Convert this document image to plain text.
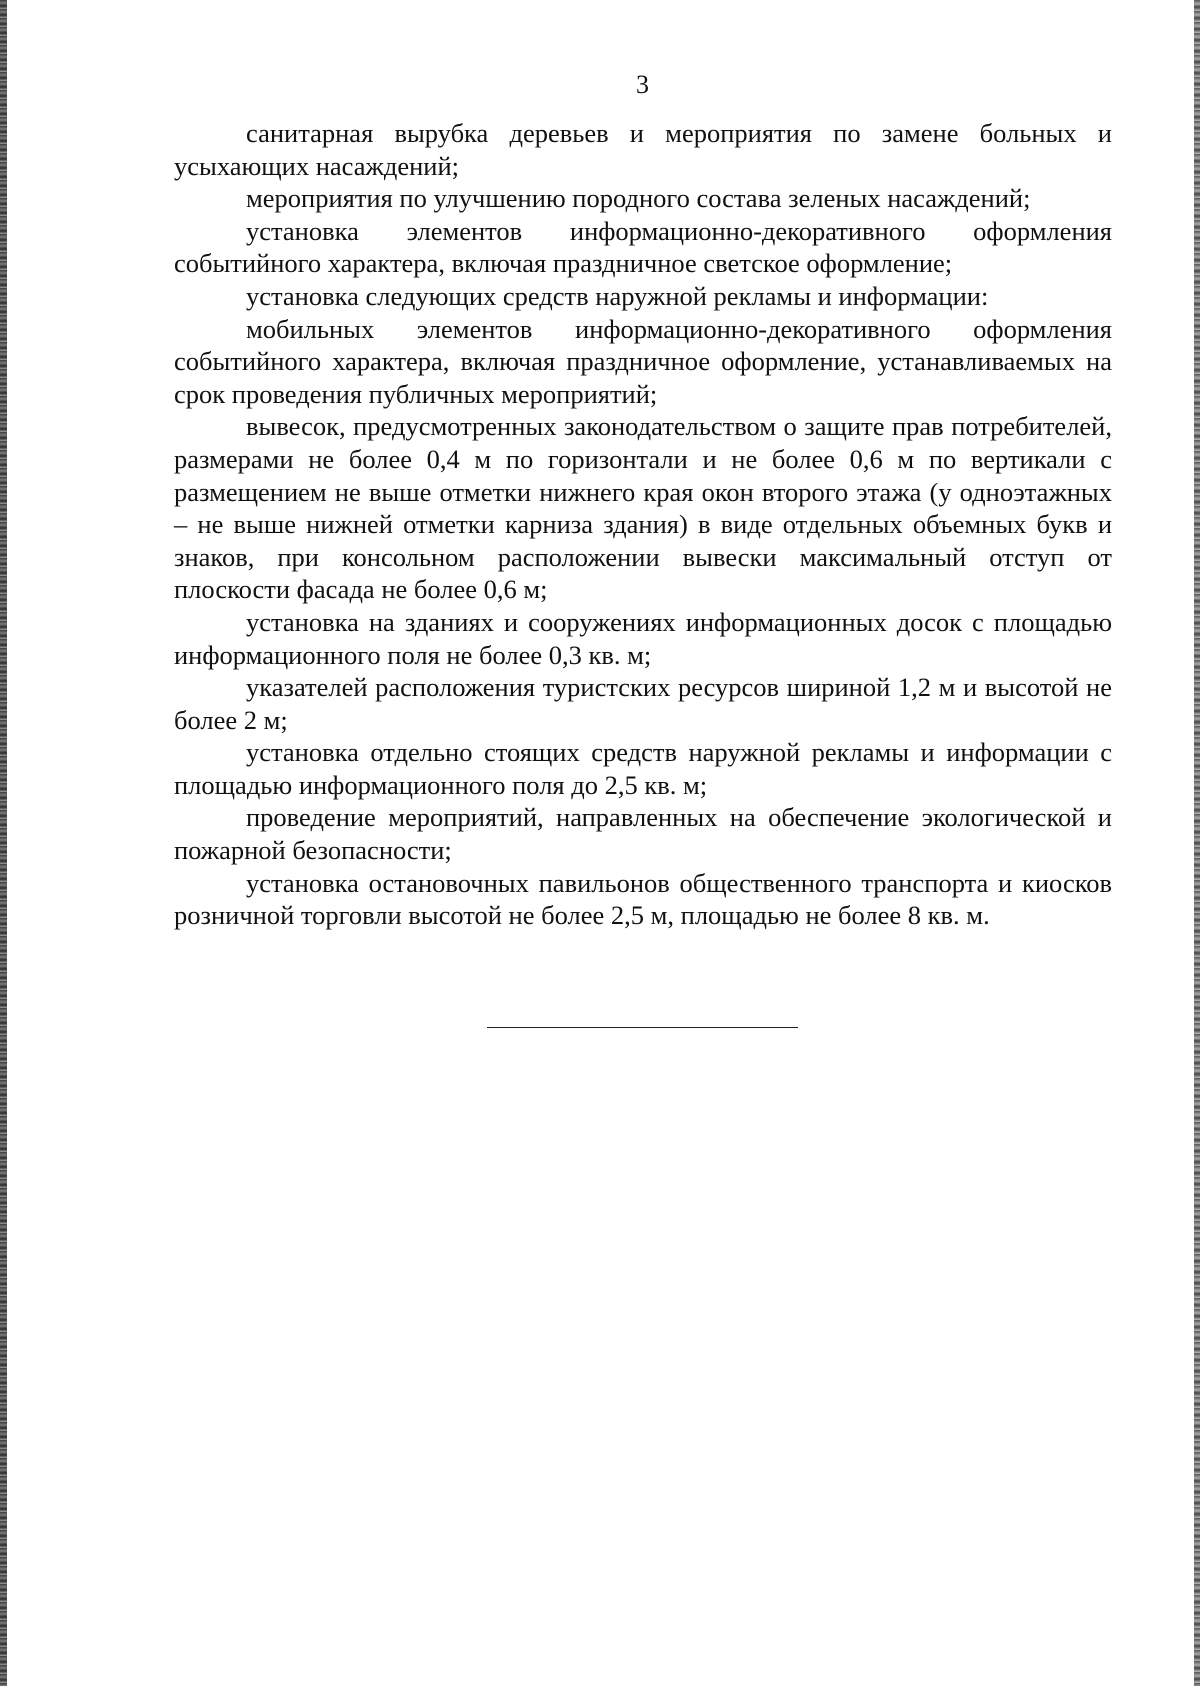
3

санитарная вырубка деревьев и мероприятия по замене больных и усыхающих насаждений;

мероприятия по улучшению породного состава зеленых насаждений;

установка элементов информационно-декоративного оформления событийного характера, включая праздничное светское оформление;

установка следующих средств наружной рекламы и информации:

мобильных элементов информационно-декоративного оформления событийного характера, включая праздничное оформление, устанавливаемых на срок проведения публичных мероприятий;

вывесок, предусмотренных законодательством о защите прав потребителей, размерами не более 0,4 м по горизонтали и не более 0,6 м по вертикали с размещением не выше отметки нижнего края окон второго этажа (у одноэтажных – не выше нижней отметки карниза здания) в виде отдельных объемных букв и знаков, при консольном расположении вывески максимальный отступ от плоскости фасада не более 0,6 м;

установка на зданиях и сооружениях информационных досок с площадью информационного поля не более 0,3 кв. м;

указателей расположения туристских ресурсов шириной 1,2 м и высотой не более 2 м;

установка отдельно стоящих средств наружной рекламы и информации с площадью информационного поля до 2,5 кв. м;

проведение мероприятий, направленных на обеспечение экологической и пожарной безопасности;

установка остановочных павильонов общественного транспорта и киосков розничной торговли высотой не более 2,5 м, площадью не более 8 кв. м.
